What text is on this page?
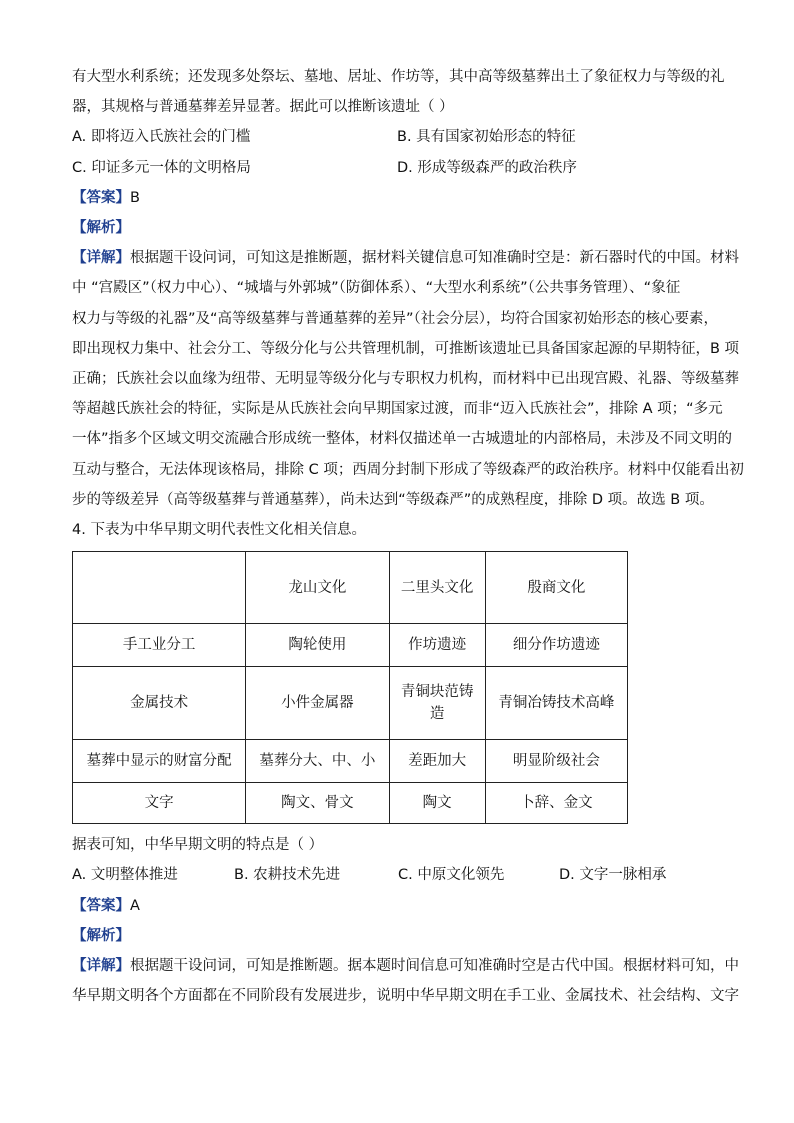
有大型水利系统；还发现多处祭坛、墓地、居址、作坊等，其中高等级墓葬出土了象征权力与等级的礼
器，其规格与普通墓葬差异显著。据此可以推断该遗址（ ）
A. 即将迈入氏族社会的门槛	B. 具有国家初始形态的特征
C. 印证多元一体的文明格局	D. 形成等级森严的政治秩序
【答案】B
【解析】
【详解】根据题干设问词，可知这是推断题，据材料关键信息可知准确时空是：新石器时代的中国。材料
中 “宫殿区”（权力中心）、“城墙与外郭城”（防御体系）、“大型水利系统”（公共事务管理）、“象征
权力与等级的礼器”及“高等级墓葬与普通墓葬的差异”（社会分层），均符合国家初始形态的核心要素，
即出现权力集中、社会分工、等级分化与公共管理机制，可推断该遗址已具备国家起源的早期特征，B 项
正确；氏族社会以血缘为纽带、无明显等级分化与专职权力机构，而材料中已出现宫殿、礼器、等级墓葬
等超越氏族社会的特征，实际是从氏族社会向早期国家过渡，而非“迈入氏族社会”，排除 A 项；“多元
一体”指多个区域文明交流融合形成统一整体，材料仅描述单一古城遗址的内部格局，未涉及不同文明的
互动与整合，无法体现该格局，排除 C 项；西周分封制下形成了等级森严的政治秩序。材料中仅能看出初
步的等级差异（高等级墓葬与普通墓葬），尚未达到“等级森严”的成熟程度，排除 D 项。故选 B 项。
4. 下表为中华早期文明代表性文化相关信息。
	龙山文化	二里头文化	殷商文化
手工业分工	陶轮使用	作坊遗迹	细分作坊遗迹
金属技术	小件金属器	青铜块范铸造	青铜冶铸技术高峰
墓葬中显示的财富分配	墓葬分大、中、小	差距加大	明显阶级社会
文字	陶文、骨文	陶文	卜辞、金文
据表可知，中华早期文明的特点是（ ）
A. 文明整体推进	B. 农耕技术先进	C. 中原文化领先	D. 文字一脉相承
【答案】A
【解析】
【详解】根据题干设问词，可知是推断题。据本题时间信息可知准确时空是古代中国。根据材料可知，中
华早期文明各个方面都在不同阶段有发展进步，说明中华早期文明在手工业、金属技术、社会结构、文字
